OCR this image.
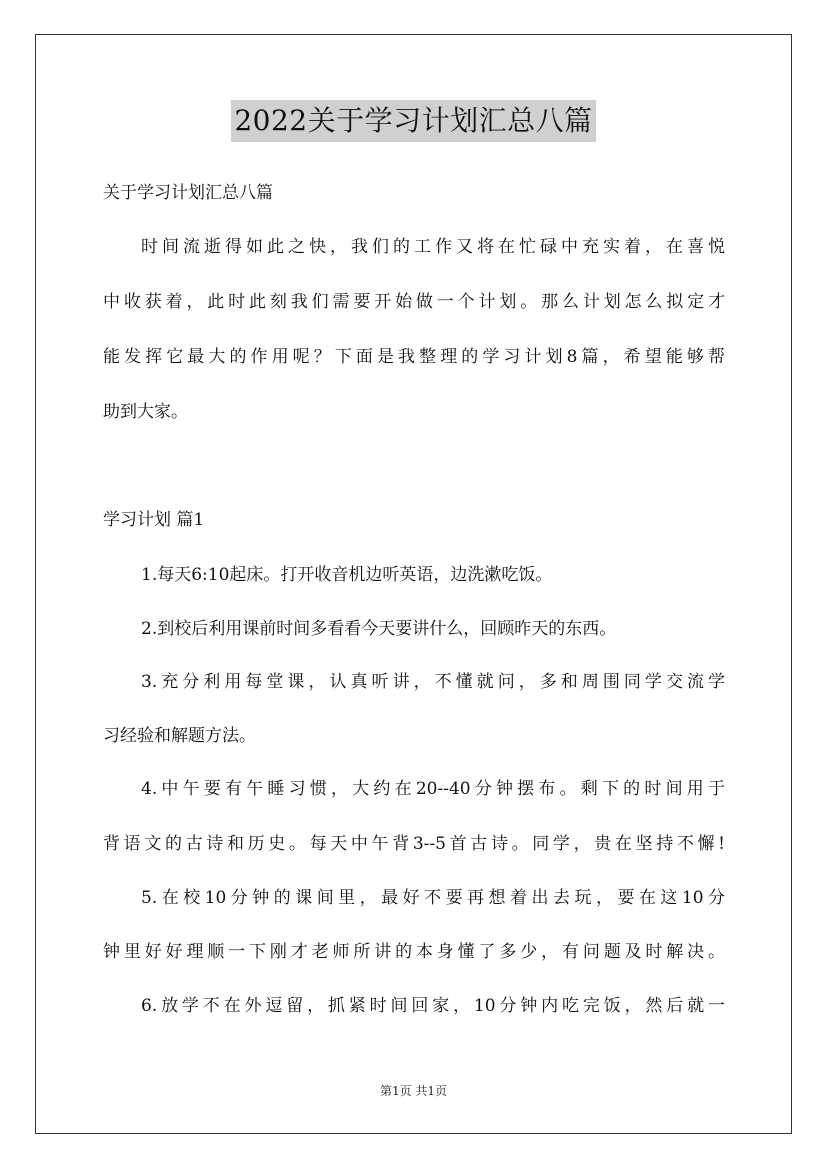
2022关于学习计划汇总八篇
关于学习计划汇总八篇
时间流逝得如此之快，我们的工作又将在忙碌中充实着，在喜悦
中收获着，此时此刻我们需要开始做一个计划。那么计划怎么拟定才
能发挥它最大的作用呢？下面是我整理的学习计划8篇，希望能够帮
助到大家。
学习计划 篇1
1.每天6:10起床。打开收音机边听英语，边洗漱吃饭。
2.到校后利用课前时间多看看今天要讲什么，回顾昨天的东西。
3.充分利用每堂课，认真听讲，不懂就问，多和周围同学交流学
习经验和解题方法。
4.中午要有午睡习惯，大约在20--40分钟摆布。剩下的时间用于
背语文的古诗和历史。每天中午背3--5首古诗。同学，贵在坚持不懈!
5.在校10分钟的课间里，最好不要再想着出去玩，要在这10分
钟里好好理顺一下刚才老师所讲的本身懂了多少，有问题及时解决。
6.放学不在外逗留，抓紧时间回家，10分钟内吃完饭，然后就一
第1页 共1页
